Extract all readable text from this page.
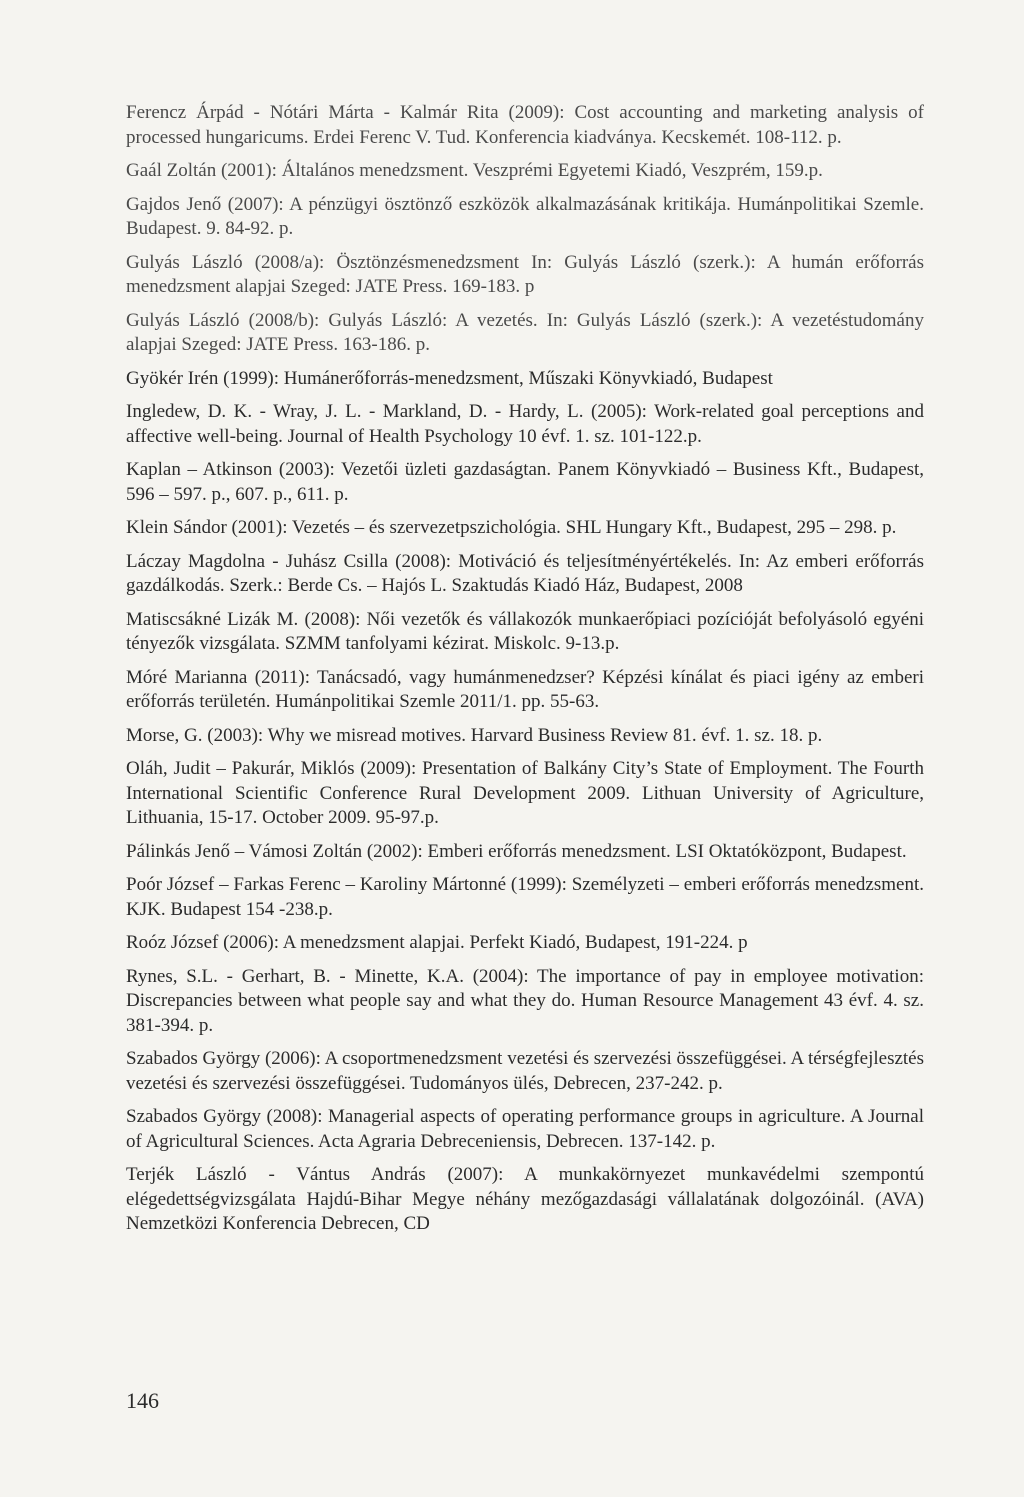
Ferencz Árpád - Nótári Márta - Kalmár Rita (2009): Cost accounting and marketing analysis of processed hungaricums. Erdei Ferenc V. Tud. Konferencia kiadványa. Kecskemét. 108-112. p.
Gaál Zoltán (2001): Általános menedzsment. Veszprémi Egyetemi Kiadó, Veszprém, 159.p.
Gajdos Jenő (2007): A pénzügyi ösztönző eszközök alkalmazásának kritikája. Humánpolitikai Szemle. Budapest. 9. 84-92. p.
Gulyás László (2008/a): Ösztönzésmenedzsment In: Gulyás László (szerk.): A humán erőforrás menedzsment alapjai Szeged: JATE Press. 169-183. p
Gulyás László (2008/b): Gulyás László: A vezetés. In: Gulyás László (szerk.): A vezetéstudomány alapjai Szeged: JATE Press. 163-186. p.
Gyökér Irén (1999): Humánerőforrás-menedzsment, Műszaki Könyvkiadó, Budapest
Ingledew, D. K. - Wray, J. L. - Markland, D. - Hardy, L. (2005): Work-related goal perceptions and affective well-being. Journal of Health Psychology 10 évf. 1. sz. 101-122.p.
Kaplan – Atkinson (2003): Vezetői üzleti gazdaságtan. Panem Könyvkiadó – Business Kft., Budapest, 596 – 597. p., 607. p., 611. p.
Klein Sándor (2001): Vezetés – és szervezetpszichológia. SHL Hungary Kft., Budapest, 295 – 298. p.
Láczay Magdolna - Juhász Csilla (2008): Motiváció és teljesítményértékelés. In: Az emberi erőforrás gazdálkodás. Szerk.: Berde Cs. – Hajós L. Szaktudás Kiadó Ház, Budapest, 2008
Matiscsákné Lizák M. (2008): Női vezetők és vállakozók munkaerőpiaci pozícióját befolyásoló egyéni tényezők vizsgálata. SZMM tanfolyami kézirat. Miskolc. 9-13.p.
Móré Marianna (2011): Tanácsadó, vagy humánmenedzser? Képzési kínálat és piaci igény az emberi erőforrás területén. Humánpolitikai Szemle 2011/1. pp. 55-63.
Morse, G. (2003): Why we misread motives. Harvard Business Review 81. évf. 1. sz. 18. p.
Oláh, Judit – Pakurár, Miklós (2009): Presentation of Balkány City’s State of Employment. The Fourth International Scientific Conference Rural Development 2009. Lithuan University of Agriculture, Lithuania, 15-17. October 2009. 95-97.p.
Pálinkás Jenő – Vámosi Zoltán (2002): Emberi erőforrás menedzsment. LSI Oktatóközpont, Budapest.
Poór József – Farkas Ferenc – Karoliny Mártonné (1999): Személyzeti – emberi erőforrás menedzsment. KJK. Budapest 154 -238.p.
Roóz József (2006): A menedzsment alapjai. Perfekt Kiadó, Budapest, 191-224. p
Rynes, S.L. - Gerhart, B. - Minette, K.A. (2004): The importance of pay in employee motivation: Discrepancies between what people say and what they do. Human Resource Management 43 évf. 4. sz. 381-394. p.
Szabados György (2006): A csoportmenedzsment vezetési és szervezési összefüggései. A térségfejlesztés vezetési és szervezési összefüggései. Tudományos ülés, Debrecen, 237-242. p.
Szabados György (2008): Managerial aspects of operating performance groups in agriculture. A Journal of Agricultural Sciences. Acta Agraria Debreceniensis, Debrecen. 137-142. p.
Terjék László - Vántus András (2007): A munkakörnyezet munkavédelmi szempontú elégedettségvizsgálata Hajdú-Bihar Megye néhány mezőgazdasági vállalatának dolgozóinál. (AVA) Nemzetközi Konferencia Debrecen, CD
146
